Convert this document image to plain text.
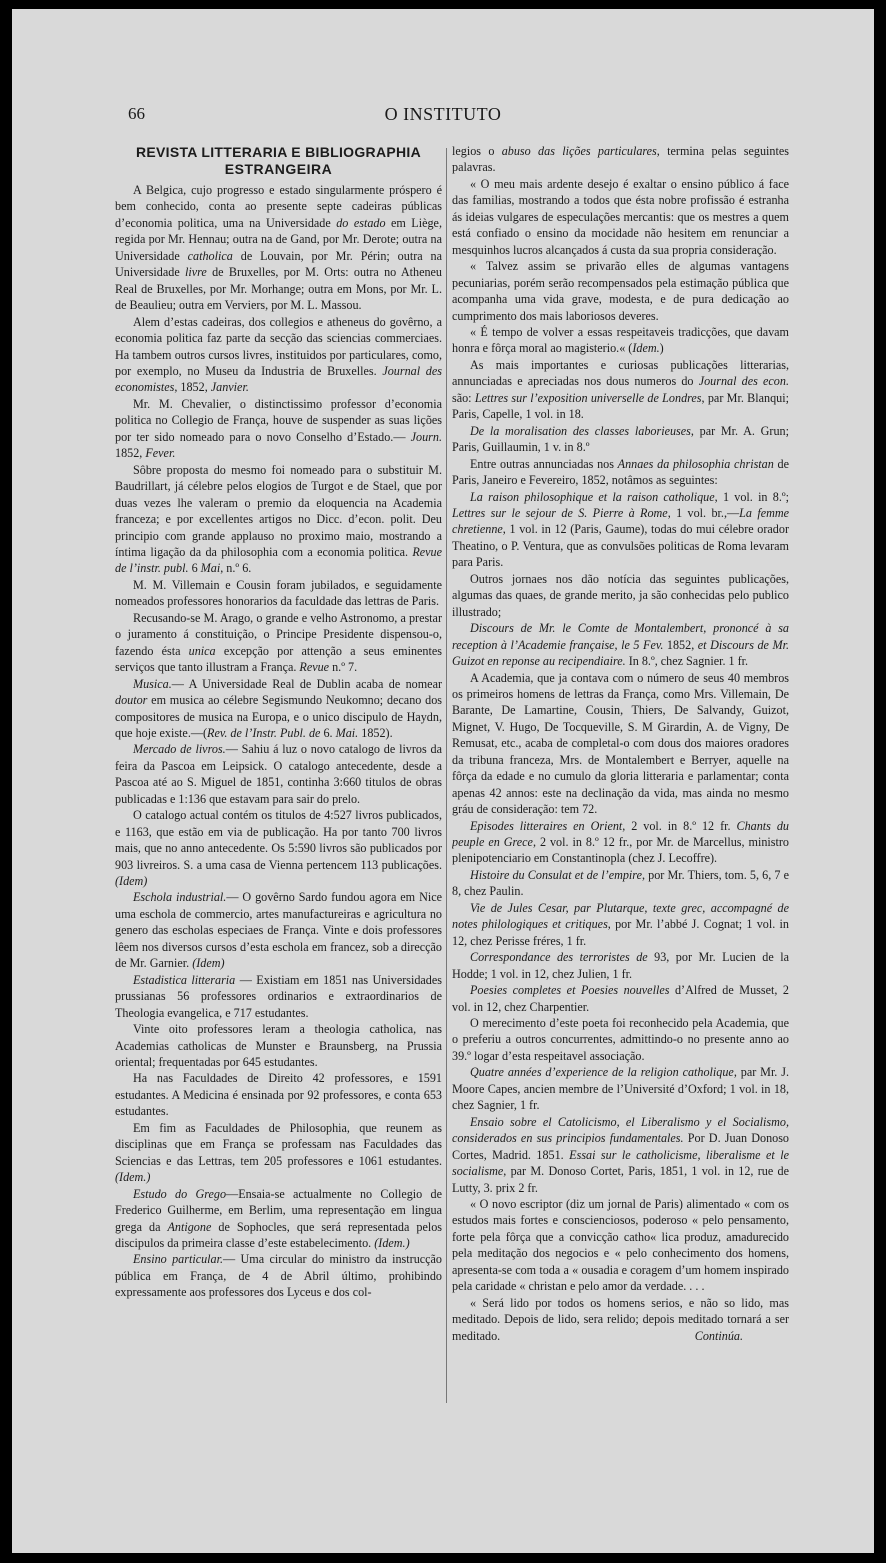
66	O INSTITUTO
REVISTA LITTERARIA E BIBLIOGRAPHIA
ESTRANGEIRA

A Belgica, cujo progresso e estado singularmente próspero é bem conhecido, conta ao presente septe cadeiras públicas d’economia politica, uma na Universidade do estado em Liège, regida por Mr. Hennau; outra na de Gand, por Mr. Derote; outra na Universidade catholica de Louvain, por Mr. Périn; outra na Universidade livre de Bruxelles, por M. Orts: outra no Atheneu Real de Bruxelles, por Mr. Morhange; outra em Mons, por Mr. L. de Beaulieu; outra em Verviers, por M. L. Massou.

Alem d’estas cadeiras, dos collegios e atheneus do govêrno, a economia politica faz parte da secção das sciencias commerciaes. Ha tambem outros cursos livres, instituidos por particulares, como, por exemplo, no Museu da Industria de Bruxelles. Journal des economistes, 1852, Janvier.

Mr. M. Chevalier, o distinctissimo professor d’economia politica no Collegio de França, houve de suspender as suas lições por ter sido nomeado para o novo Conselho d’Estado.— Journ. 1852, Fever.

Sôbre proposta do mesmo foi nomeado para o substituir M. Baudrillart, já célebre pelos elogios de Turgot e de Stael, que por duas vezes lhe valeram o premio da eloquencia na Academia franceza; e por excellentes artigos no Dicc. d’econ. polit. Deu principio com grande applauso no proximo maio, mostrando a íntima ligação da da philosophia com a economia politica. Revue de l’instr. publ. 6 Mai, n.º 6.

M. M. Villemain e Cousin foram jubilados, e seguidamente nomeados professores honorarios da faculdade das lettras de Paris.

Recusando-se M. Arago, o grande e velho Astronomo, a prestar o juramento á constituição, o Principe Presidente dispensou-o, fazendo ésta unica excepção por attenção a seus eminentes serviços que tanto illustram a França. Revue n.º 7.

Musica.— A Universidade Real de Dublin acaba de nomear doutor em musica ao célebre Segismundo Neukomno; decano dos compositores de musica na Europa, e o unico discipulo de Haydn, que hoje existe.—(Rev. de l’Instr. Publ. de 6. Mai. 1852).

Mercado de livros.— Sahiu á luz o novo catalogo de livros da feira da Pascoa em Leipsick. O catalogo antecedente, desde a Pascoa até ao S. Miguel de 1851, continha 3:660 titulos de obras publicadas e 1:136 que estavam para sair do prelo.

O catalogo actual contém os titulos de 4:527 livros publicados, e 1163, que estão em via de publicação. Ha por tanto 700 livros mais, que no anno antecedente. Os 5:590 livros são publicados por 903 livreiros. S. a uma casa de Vienna pertencem 113 publicações. (Idem)

Eschola industrial.— O govêrno Sardo fundou agora em Nice uma eschola de commercio, artes manufactureiras e agricultura no genero das escholas especiaes de França. Vinte e dois professores lêem nos diversos cursos d’esta eschola em francez, sob a direcção de Mr. Garnier. (Idem)

Estadistica litteraria — Existiam em 1851 nas Universidades prussianas 56 professores ordinarios e extraordinarios de Theologia evangelica, e 717 estudantes.

Vinte oito professores leram a theologia catholica, nas Academias catholicas de Munster e Braunsberg, na Prussia oriental; frequentadas por 645 estudantes.

Ha nas Faculdades de Direito 42 professores, e 1591 estudantes. A Medicina é ensinada por 92 professores, e conta 653 estudantes.

Em fim as Faculdades de Philosophia, que reunem as disciplinas que em França se professam nas Faculdades das Sciencias e das Lettras, tem 205 professores e 1061 estudantes. (Idem.)

Estudo do Grego—Ensaia-se actualmente no Collegio de Frederico Guilherme, em Berlim, uma representação em lingua grega da Antigone de Sophocles, que será representada pelos discipulos da primeira classe d’este estabelecimento. (Idem.)

Ensino particular.— Uma circular do ministro da instrucção pública em França, de 4 de Abril último, prohibindo expressamente aos professores dos Lyceus e dos col-

legios o abuso das lições particulares, termina pelas seguintes palavras.

« O meu mais ardente desejo é exaltar o ensino público á face das familias, mostrando a todos que ésta nobre profissão é estranha ás ideias vulgares de especulações mercantis: que os mestres a quem está confiado o ensino da mocidade não hesitem em renunciar a mesquinhos lucros alcançados á custa da sua propria consideração.

« Talvez assim se privarão elles de algumas vantagens pecuniarias, porém serão recompensados pela estimação pública que acompanha uma vida grave, modesta, e de pura dedicação ao cumprimento dos mais laboriosos deveres.

« É tempo de volver a essas respeitaveis tradicções, que davam honra e fôrça moral ao magisterio.« (Idem.)

As mais importantes e curiosas publicações litterarias, annunciadas e apreciadas nos dous numeros do Journal des econ. são: Lettres sur l’exposition universelle de Londres, par Mr. Blanqui; Paris, Capelle, 1 vol. in 18.

De la moralisation des classes laborieuses, par Mr. A. Grun; Paris, Guillaumin, 1 v. in 8.º

Entre outras annunciadas nos Annaes da philosophia christan de Paris, Janeiro e Fevereiro, 1852, notâmos as seguintes:

La raison philosophique et la raison catholique, 1 vol. in 8.º; Lettres sur le sejour de S. Pierre à Rome, 1 vol. br.,—La femme chretienne, 1 vol. in 12 (Paris, Gaume), todas do mui célebre orador Theatino, o P. Ventura, que as convulsões politicas de Roma levaram para Paris.

Outros jornaes nos dão notícia das seguintes publicações, algumas das quaes, de grande merito, ja são conhecidas pelo publico illustrado;

Discours de Mr. le Comte de Montalembert, prononcé à sa reception à l’Academie française, le 5 Fev. 1852, et Discours de Mr. Guizot en reponse au recipendiaire. In 8.º, chez Sagnier. 1 fr.

A Academia, que ja contava com o número de seus 40 membros os primeiros homens de lettras da França, como Mrs. Villemain, De Barante, De Lamartine, Cousin, Thiers, De Salvandy, Guizot, Mignet, V. Hugo, De Tocqueville, S. M Girardin, A. de Vigny, De Remusat, etc., acaba de completal-o com dous dos maiores oradores da tribuna franceza, Mrs. de Montalembert e Berryer, aquelle na fôrça da edade e no cumulo da gloria litteraria e parlamentar; conta apenas 42 annos: este na declinação da vida, mas ainda no mesmo gráu de consideração: tem 72.

Episodes litteraires en Orient, 2 vol. in 8.º 12 fr. Chants du peuple en Grece, 2 vol. in 8.º 12 fr., por Mr. de Marcellus, ministro plenipotenciario em Constantinopla (chez J. Lecoffre).

Histoire du Consulat et de l’empire, por Mr. Thiers, tom. 5, 6, 7 e 8, chez Paulin.

Vie de Jules Cesar, par Plutarque, texte grec, accompagné de notes philologiques et critiques, por Mr. l’abbé J. Cognat; 1 vol. in 12, chez Perisse fréres, 1 fr.

Correspondance des terroristes de 93, por Mr. Lucien de la Hodde; 1 vol. in 12, chez Julien, 1 fr.

Poesies completes et Poesies nouvelles d’Alfred de Musset, 2 vol. in 12, chez Charpentier.

O merecimento d’este poeta foi reconhecido pela Academia, que o preferiu a outros concurrentes, admittindo-o no presente anno ao 39.º logar d’esta respeitavel associação.

Quatre années d’experience de la religion catholique, par Mr. J. Moore Capes, ancien membre de l’Université d’Oxford; 1 vol. in 18, chez Sagnier, 1 fr.

Ensaio sobre el Catolicismo, el Liberalismo y el Socialismo, considerados en sus principios fundamentales. Por D. Juan Donoso Cortes, Madrid. 1851. Essai sur le catholicisme, liberalisme et le socialisme, par M. Donoso Cortet, Paris, 1851, 1 vol. in 12, rue de Lutty, 3. prix 2 fr.

« O novo escriptor (diz um jornal de Paris) alimentado « com os estudos mais fortes e conscienciosos, poderoso « pelo pensamento, forte pela fôrça que a convicção catho« lica produz, amadurecido pela meditação dos negocios e « pelo conhecimento dos homens, apresenta-se com toda a « ousadia e coragem d’um homem inspirado pela caridade « christan e pelo amor da verdade. . . .

« Será lido por todos os homens serios, e não so lido, mas meditado. Depois de lido, sera relido; depois meditado tornará a ser meditado.	Continúa.
